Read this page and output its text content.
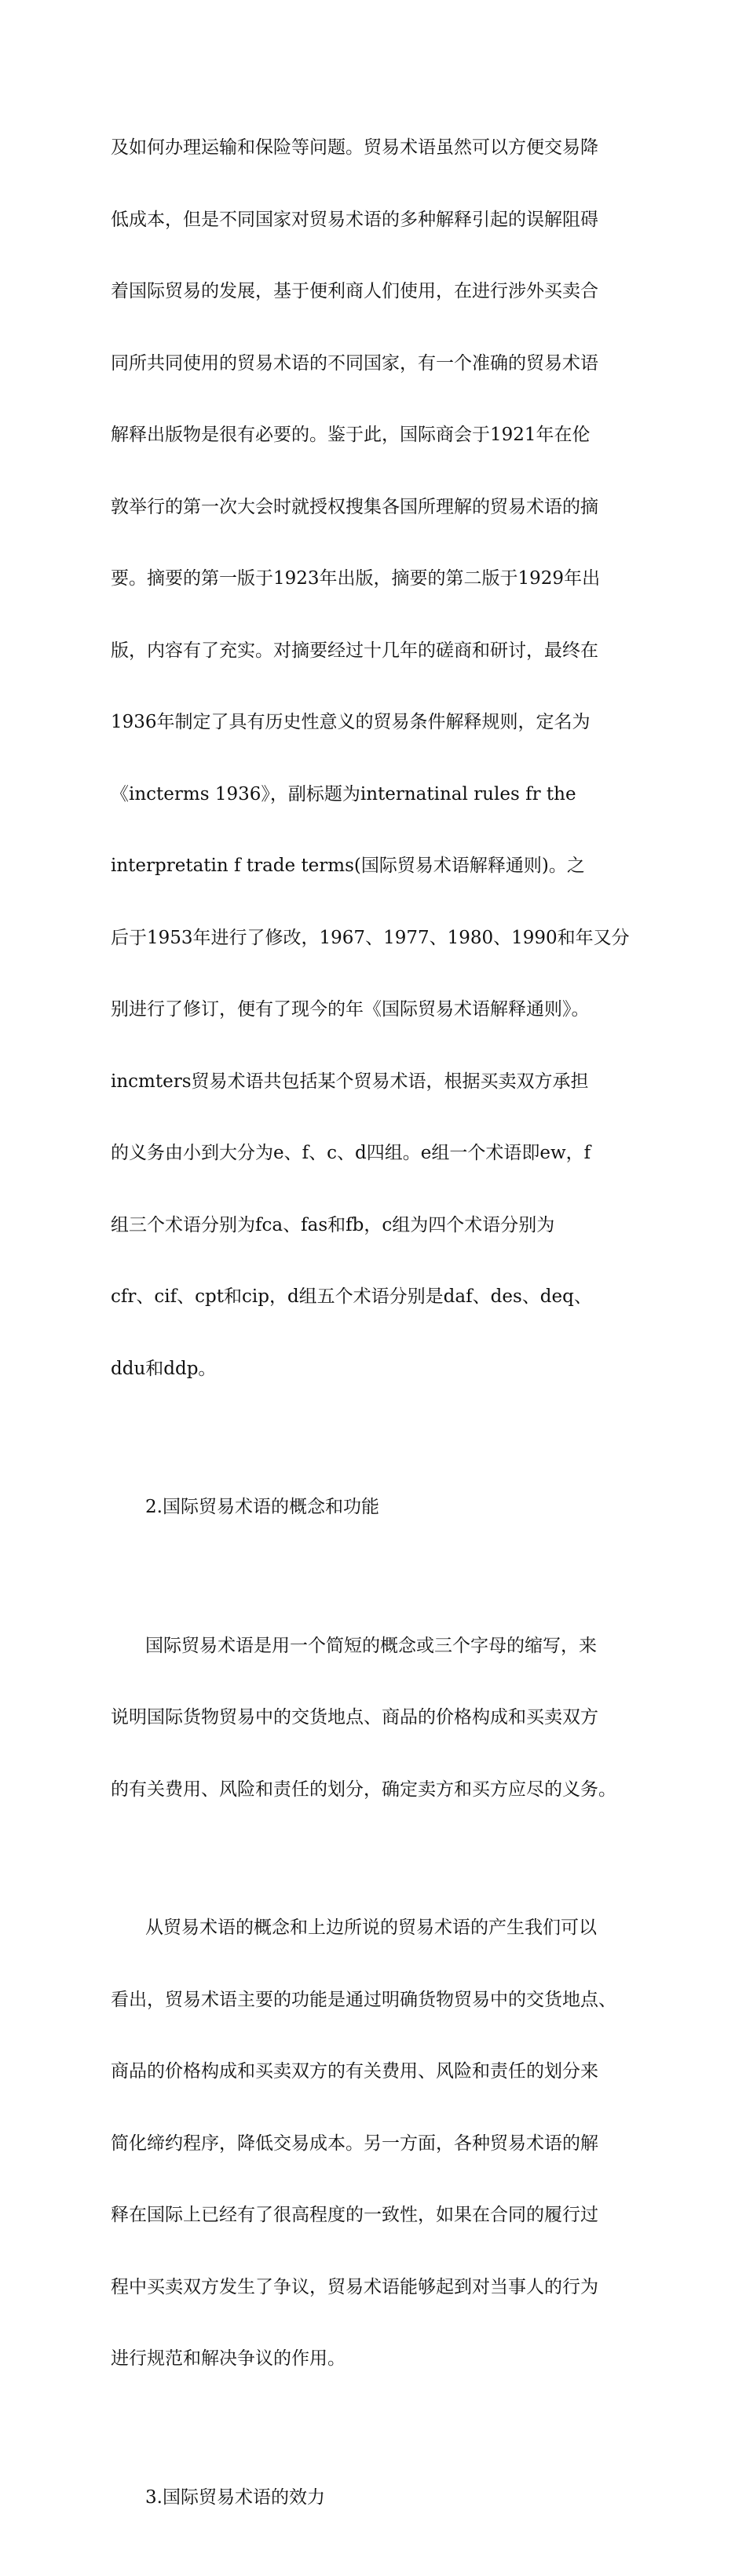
及如何办理运输和保险等问题。贸易术语虽然可以方便交易降

低成本，但是不同国家对贸易术语的多种解释引起的误解阻碍

着国际贸易的发展，基于便利商人们使用，在进行涉外买卖合

同所共同使用的贸易术语的不同国家，有一个准确的贸易术语

解释出版物是很有必要的。鉴于此，国际商会于1921年在伦

敦举行的第一次大会时就授权搜集各国所理解的贸易术语的摘

要。摘要的第一版于1923年出版，摘要的第二版于1929年出

版，内容有了充实。对摘要经过十几年的磋商和研讨，最终在

1936年制定了具有历史性意义的贸易条件解释规则，定名为

《incterms 1936》，副标题为internatinal rules fr the

interpretatin f trade terms(国际贸易术语解释通则)。之

后于1953年进行了修改，1967、1977、1980、1990和年又分

别进行了修订，便有了现今的年《国际贸易术语解释通则》。

incmters贸易术语共包括某个贸易术语，根据买卖双方承担

的义务由小到大分为e、f、c、d四组。e组一个术语即ew，f

组三个术语分别为fca、fas和fb，c组为四个术语分别为

cfr、cif、cpt和cip，d组五个术语分别是daf、des、deq、

ddu和ddp。

2.国际贸易术语的概念和功能

国际贸易术语是用一个简短的概念或三个字母的缩写，来

说明国际货物贸易中的交货地点、商品的价格构成和买卖双方

的有关费用、风险和责任的划分，确定卖方和买方应尽的义务。

从贸易术语的概念和上边所说的贸易术语的产生我们可以

看出，贸易术语主要的功能是通过明确货物贸易中的交货地点、

商品的价格构成和买卖双方的有关费用、风险和责任的划分来

简化缔约程序，降低交易成本。另一方面，各种贸易术语的解

释在国际上已经有了很高程度的一致性，如果在合同的履行过

程中买卖双方发生了争议，贸易术语能够起到对当事人的行为

进行规范和解决争议的作用。

3.国际贸易术语的效力
